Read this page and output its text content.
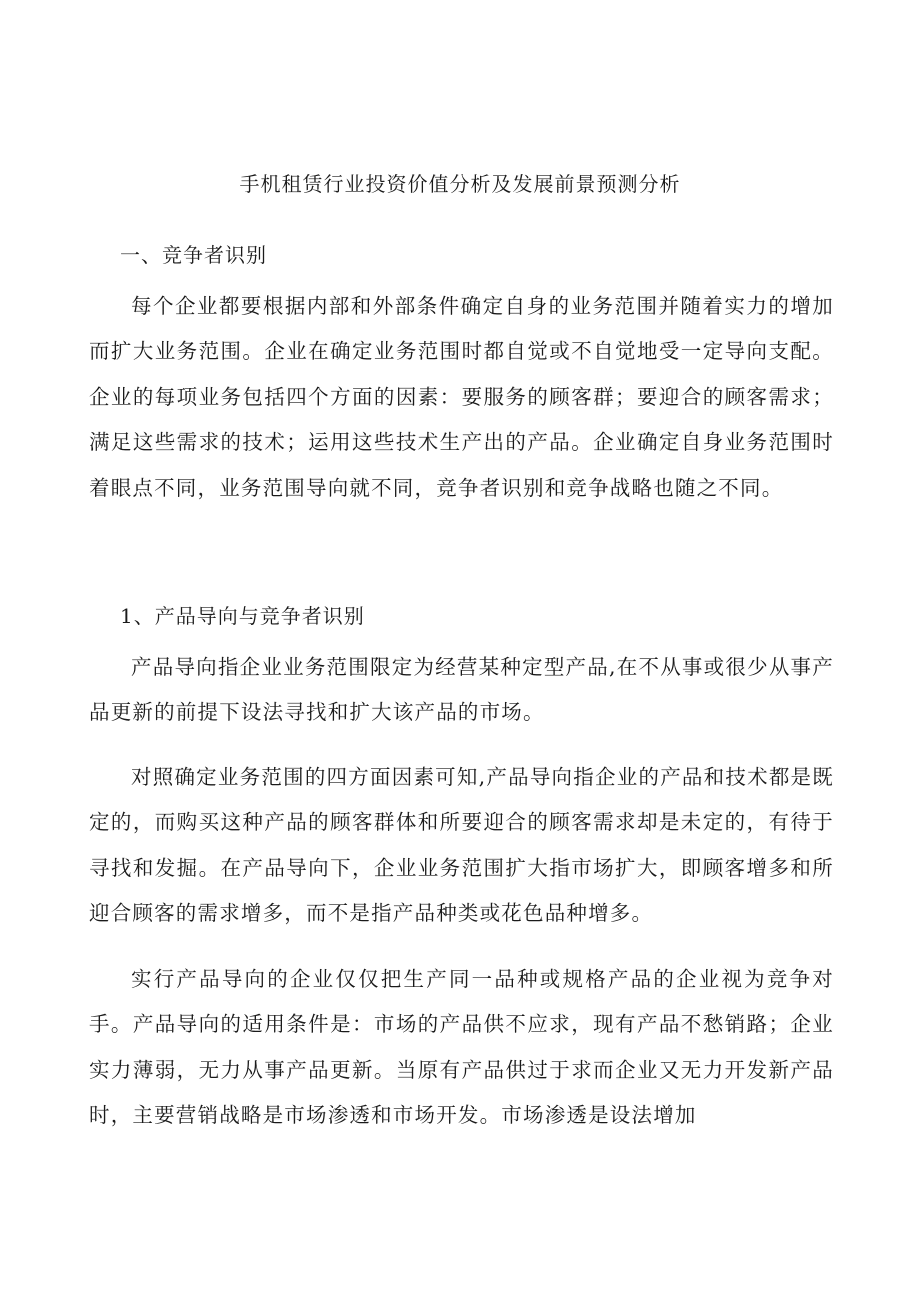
手机租赁行业投资价值分析及发展前景预测分析
一、竞争者识别

每个企业都要根据内部和外部条件确定自身的业务范围并随着实力的增加而扩大业务范围。企业在确定业务范围时都自觉或不自觉地受一定导向支配。企业的每项业务包括四个方面的因素：要服务的顾客群；要迎合的顾客需求；满足这些需求的技术；运用这些技术生产出的产品。企业确定自身业务范围时着眼点不同，业务范围导向就不同，竞争者识别和竞争战略也随之不同。

1、产品导向与竞争者识别

产品导向指企业业务范围限定为经营某种定型产品,在不从事或很少从事产品更新的前提下设法寻找和扩大该产品的市场。

对照确定业务范围的四方面因素可知,产品导向指企业的产品和技术都是既定的，而购买这种产品的顾客群体和所要迎合的顾客需求却是未定的，有待于寻找和发掘。在产品导向下，企业业务范围扩大指市场扩大，即顾客增多和所迎合顾客的需求增多，而不是指产品种类或花色品种增多。

实行产品导向的企业仅仅把生产同一品种或规格产品的企业视为竞争对手。产品导向的适用条件是：市场的产品供不应求，现有产品不愁销路；企业实力薄弱，无力从事产品更新。当原有产品供过于求而企业又无力开发新产品时，主要营销战略是市场渗透和市场开发。市场渗透是设法增加
